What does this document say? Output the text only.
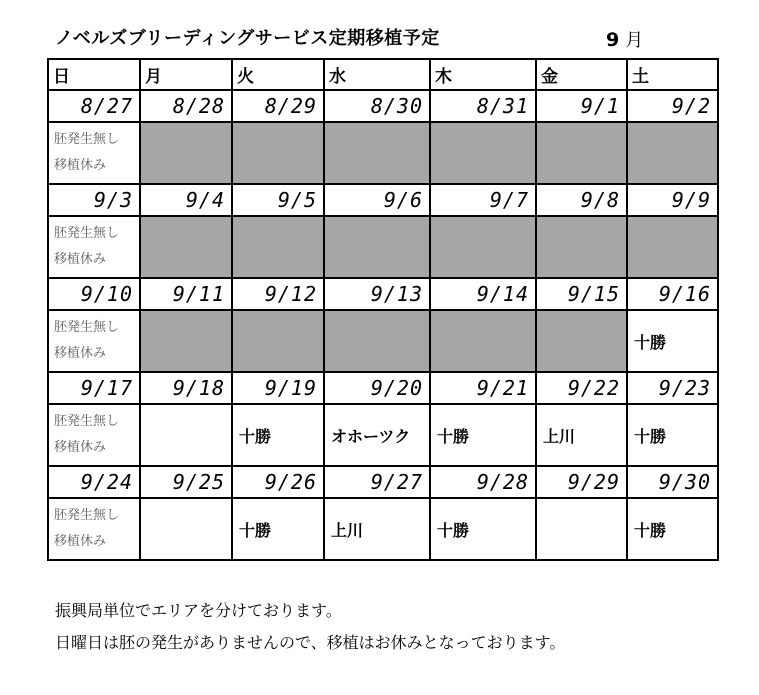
ノベルズブリーディングサービス定期移植予定	9 月
日	月	火	水	木	金	土
8/27	8/28	8/29	8/30	8/31	9/1	9/2
胚発生無し
移植休み						
9/3	9/4	9/5	9/6	9/7	9/8	9/9
胚発生無し
移植休み						
9/10	9/11	9/12	9/13	9/14	9/15	9/16
胚発生無し
移植休み						十勝
9/17	9/18	9/19	9/20	9/21	9/22	9/23
胚発生無し
移植休み		十勝	オホーツク	十勝	上川	十勝
9/24	9/25	9/26	9/27	9/28	9/29	9/30
胚発生無し
移植休み		十勝	上川	十勝		十勝
振興局単位でエリアを分けております。
日曜日は胚の発生がありませんので、移植はお休みとなっております。
